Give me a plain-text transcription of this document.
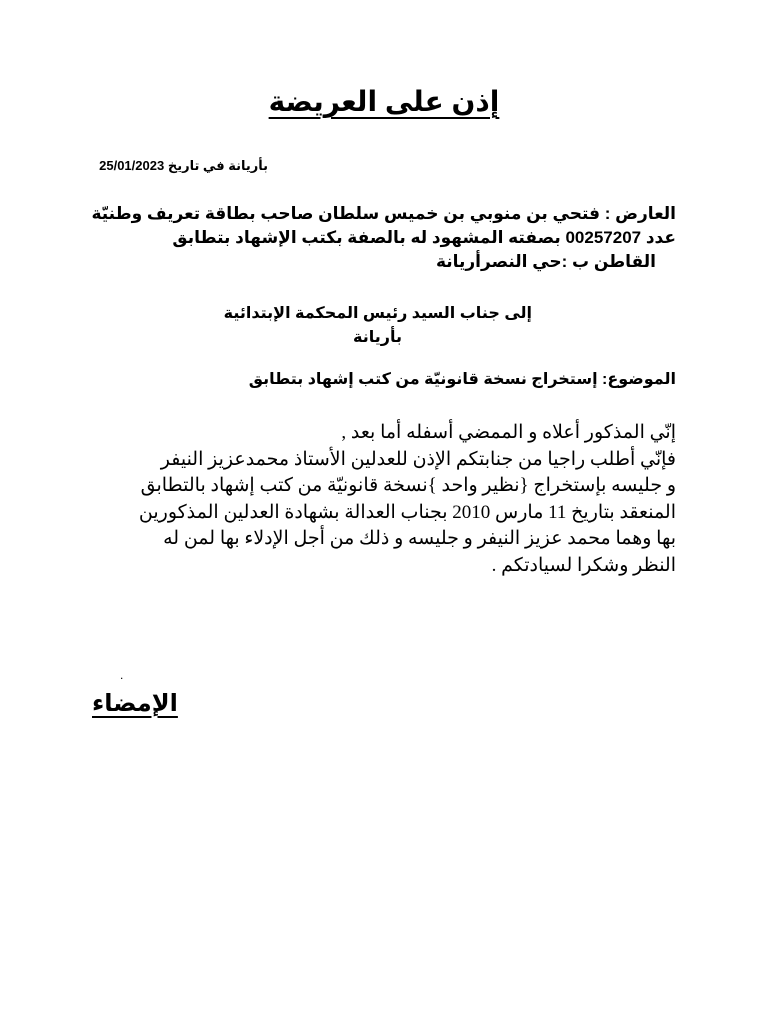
إذن على العريضة
بأريانة في تاريخ 25/01/2023

العارض : فتحي بن منوبي بن خميس سلطان صاحب بطاقة تعريف وطنيّة

عدد 00257207 بصفته المشهود له بالصفة بكتب الإشهاد بتطابق

القاطن ب :حي النصرأريانة

إلى جناب السيد رئيس المحكمة الإبتدائية

بأريانة

الموضوع: إستخراج نسخة قانونيّة من كتب إشهاد بتطابق

إنّي المذكور أعلاه و الممضي أسفله أما بعد ,

فإنّي أطلب راجيا من جنابتكم الإذن للعدلين الأستاذ محمدعزيز النيفر

و جليسه بإستخراج {نظير واحد }نسخة قانونيّة من كتب إشهاد بالتطابق

المنعقد بتاريخ 11 مارس 2010 بجناب العدالة بشهادة العدلين المذكورين

بها وهما محمد عزيز النيفر و جليسه و ذلك من أجل الإدلاء بها لمن له

النظر وشكرا لسيادتكم .

.
الإمضاء
